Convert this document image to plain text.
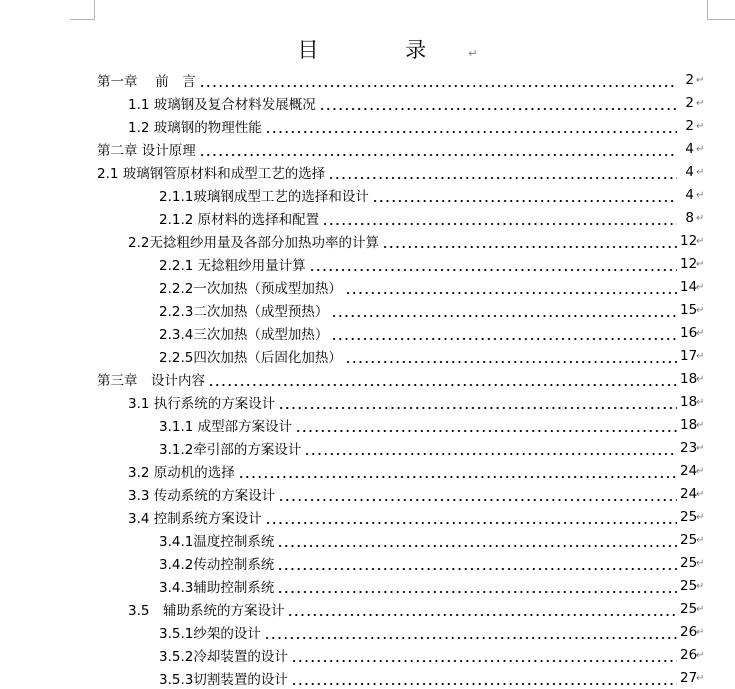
目 录 ↵
第一章　 前　言	2 ↵
1.1 玻璃钢及复合材料发展概况	2 ↵
1.2 玻璃钢的物理性能	2 ↵
第二章 设计原理	4 ↵
2.1 玻璃钢管原材料和成型工艺的选择	4 ↵
2.1.1玻璃钢成型工艺的选择和设计	4 ↵
2.1.2 原材料的选择和配置	8 ↵
2.2无捻粗纱用量及各部分加热功率的计算	12
↵
2.2.1 无捻粗纱用量计算	12
↵
2.2.2一次加热（预成型加热）	14
↵
2.2.3二次加热（成型预热）	15
↵
2.3.4三次加热（成型加热）	16
↵
2.2.5四次加热（后固化加热）	17
↵
第三章　设计内容	18
↵
3.1 执行系统的方案设计	18
↵
3.1.1 成型部方案设计	18
↵
3.1.2牵引部的方案设计	23
↵
3.2 原动机的选择	24
↵
3.3 传动系统的方案设计	24
↵
3.4 控制系统方案设计	25
↵
3.4.1温度控制系统	25
↵
3.4.2传动控制系统	25
↵
3.4.3辅助控制系统	25
↵
3.5　辅助系统的方案设计	25
↵
3.5.1纱架的设计	26
↵
3.5.2冷却装置的设计	26
↵
3.5.3切割装置的设计	27
↵
